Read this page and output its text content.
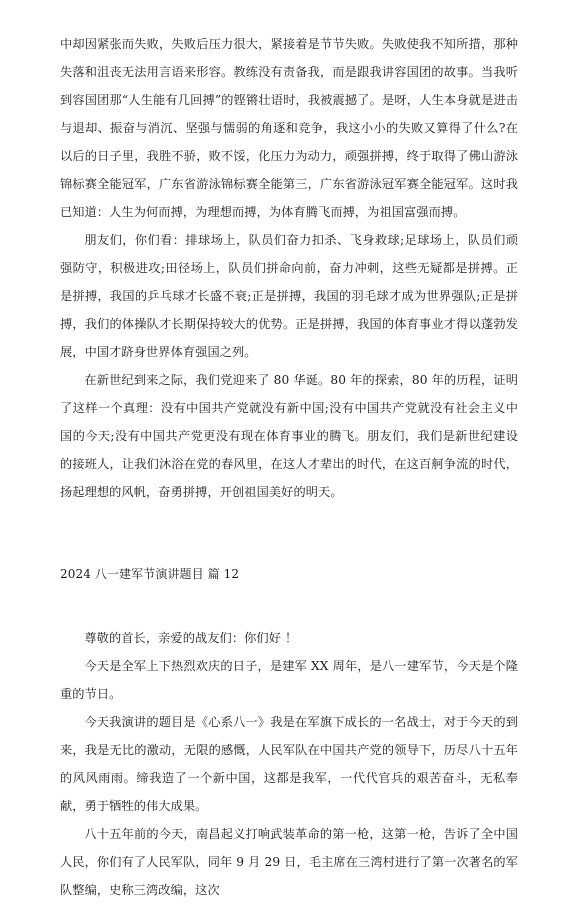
中却因紧张而失败，失败后压力很大，紧接着是节节失败。失败使我不知所措，那种失落和沮丧无法用言语来形容。教练没有责备我，而是跟我讲容国团的故事。当我听到容国团那“人生能有几回搏”的铿锵壮语时，我被震撼了。是呀，人生本身就是进击与退却、振奋与消沉、坚强与懦弱的角逐和竞争，我这小小的失败又算得了什么?在以后的日子里，我胜不骄，败不馁，化压力为动力，顽强拼搏，终于取得了佛山游泳锦标赛全能冠军，广东省游泳锦标赛全能第三，广东省游泳冠军赛全能冠军。这时我已知道：人生为何而搏，为理想而搏，为体育腾飞而搏，为祖国富强而搏。

朋友们，你们看：排球场上，队员们奋力扣杀、飞身救球;足球场上，队员们顽强防守，积极进攻;田径场上，队员们拼命向前，奋力冲刺，这些无疑都是拼搏。正是拼搏，我国的乒乓球才长盛不衰;正是拼搏，我国的羽毛球才成为世界强队;正是拼搏，我们的体操队才长期保持较大的优势。正是拼搏，我国的体育事业才得以蓬勃发展，中国才跻身世界体育强国之列。

在新世纪到来之际，我们党迎来了 80 华诞。80 年的探索，80 年的历程，证明了这样一个真理：没有中国共产党就没有新中国;没有中国共产党就没有社会主义中国的今天;没有中国共产党更没有现在体育事业的腾飞。朋友们，我们是新世纪建设的接班人，让我们沐浴在党的春风里，在这人才辈出的时代，在这百舸争流的时代，扬起理想的风帆，奋勇拼搏，开创祖国美好的明天。

2024 八一建军节演讲题目 篇 12

尊敬的首长，亲爱的战友们：你们好 ！

今天是全军上下热烈欢庆的日子，是建军 XX 周年，是八一建军节，今天是个隆重的节日。

今天我演讲的题目是《心系八一》我是在军旗下成长的一名战士，对于今天的到来，我是无比的激动，无限的感慨，人民军队在中国共产党的领导下，历尽八十五年的风风雨雨。缔我造了一个新中国，这都是我军，一代代官兵的艰苦奋斗，无私奉献，勇于牺牲的伟大成果。

八十五年前的今天，南昌起义打响武装革命的第一枪，这第一枪，告诉了全中国人民，你们有了人民军队，同年 9 月 29 日，毛主席在三湾村进行了第一次著名的军队整编，史称三湾改编，这次
